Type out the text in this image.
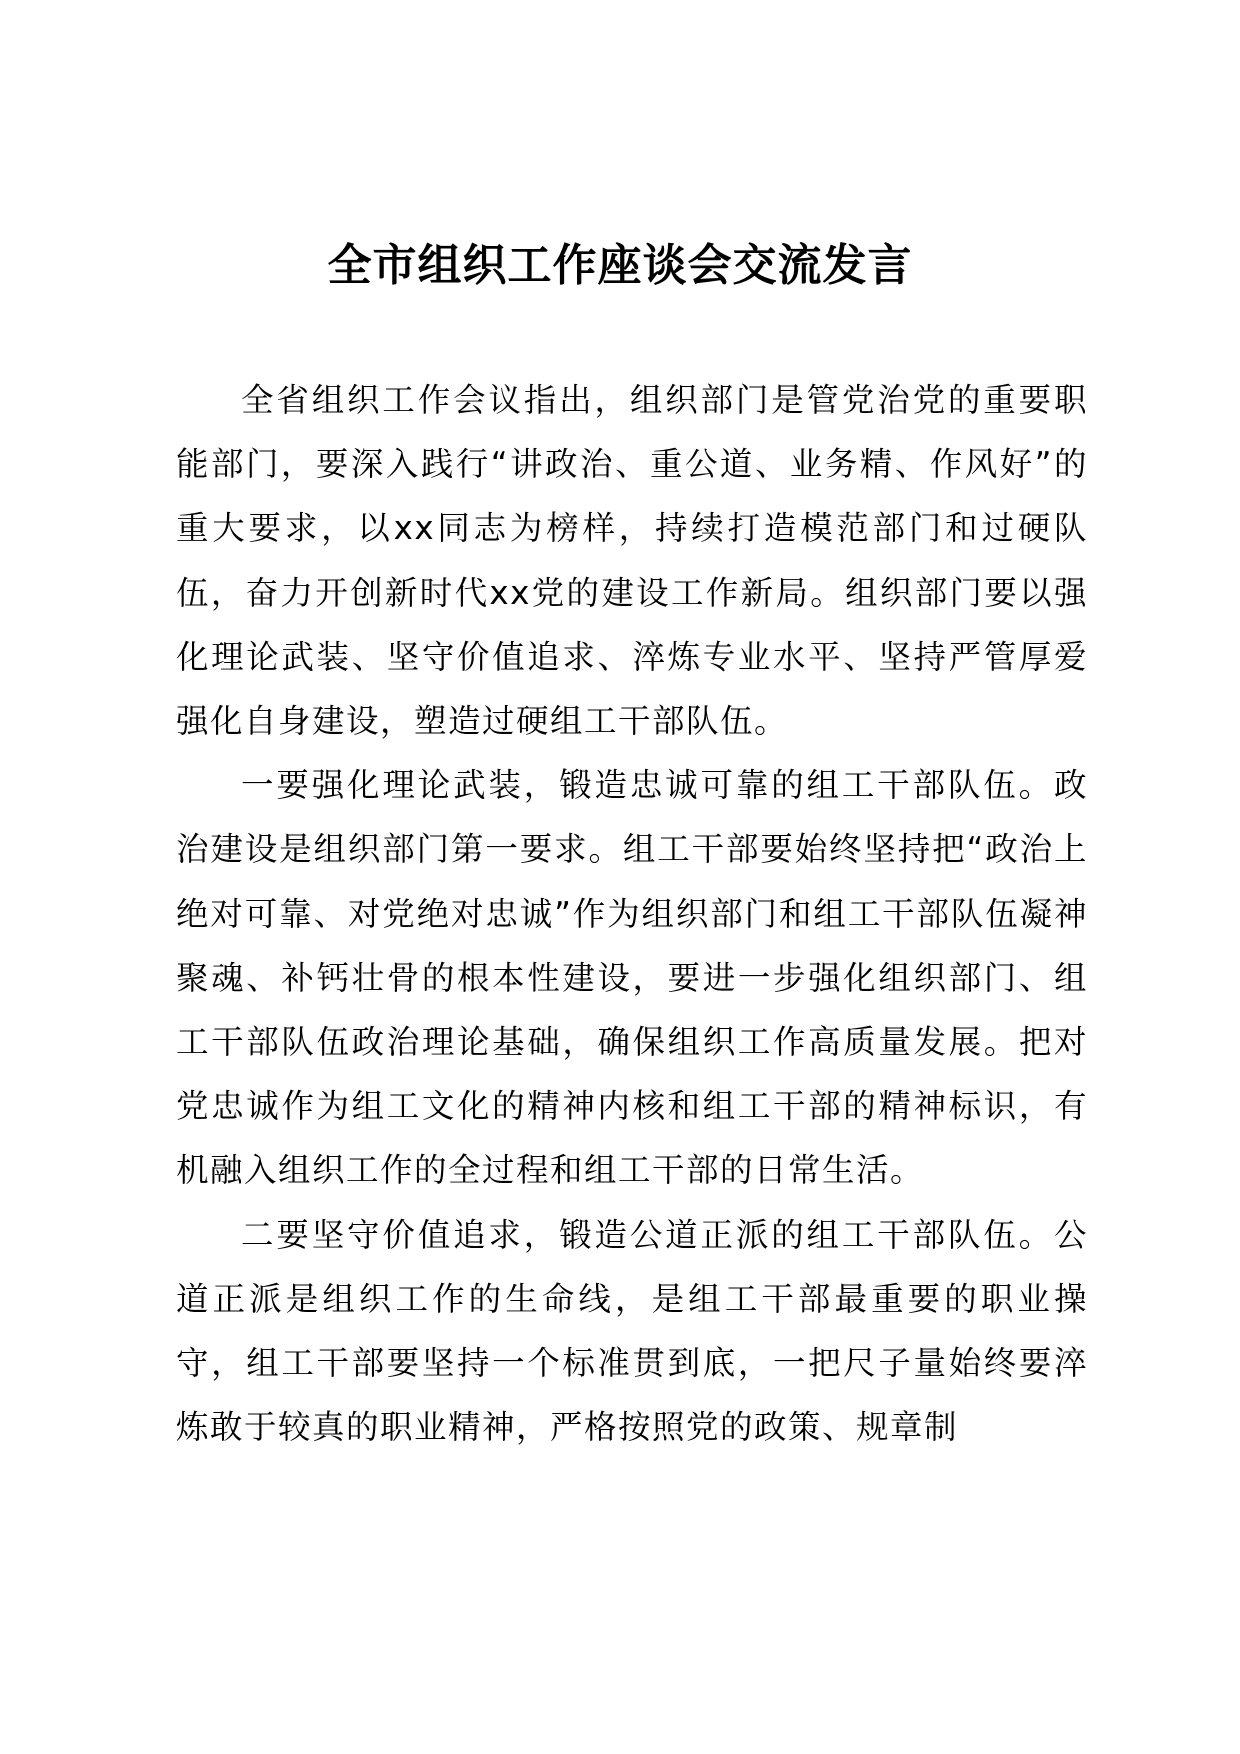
全市组织工作座谈会交流发言

全省组织工作会议指出，组织部门是管党治党的重要职能部门，要深入践行“讲政治、重公道、业务精、作风好”的重大要求，以xx同志为榜样，持续打造模范部门和过硬队伍，奋力开创新时代xx党的建设工作新局。组织部门要以强化理论武装、坚守价值追求、淬炼专业水平、坚持严管厚爱强化自身建设，塑造过硬组工干部队伍。

一要强化理论武装，锻造忠诚可靠的组工干部队伍。政治建设是组织部门第一要求。组工干部要始终坚持把“政治上绝对可靠、对党绝对忠诚”作为组织部门和组工干部队伍凝神聚魂、补钙壮骨的根本性建设，要进一步强化组织部门、组工干部队伍政治理论基础，确保组织工作高质量发展。把对党忠诚作为组工文化的精神内核和组工干部的精神标识，有机融入组织工作的全过程和组工干部的日常生活。

二要坚守价值追求，锻造公道正派的组工干部队伍。公道正派是组织工作的生命线，是组工干部最重要的职业操守，组工干部要坚持一个标准贯到底，一把尺子量始终要淬炼敢于较真的职业精神，严格按照党的政策、规章制
